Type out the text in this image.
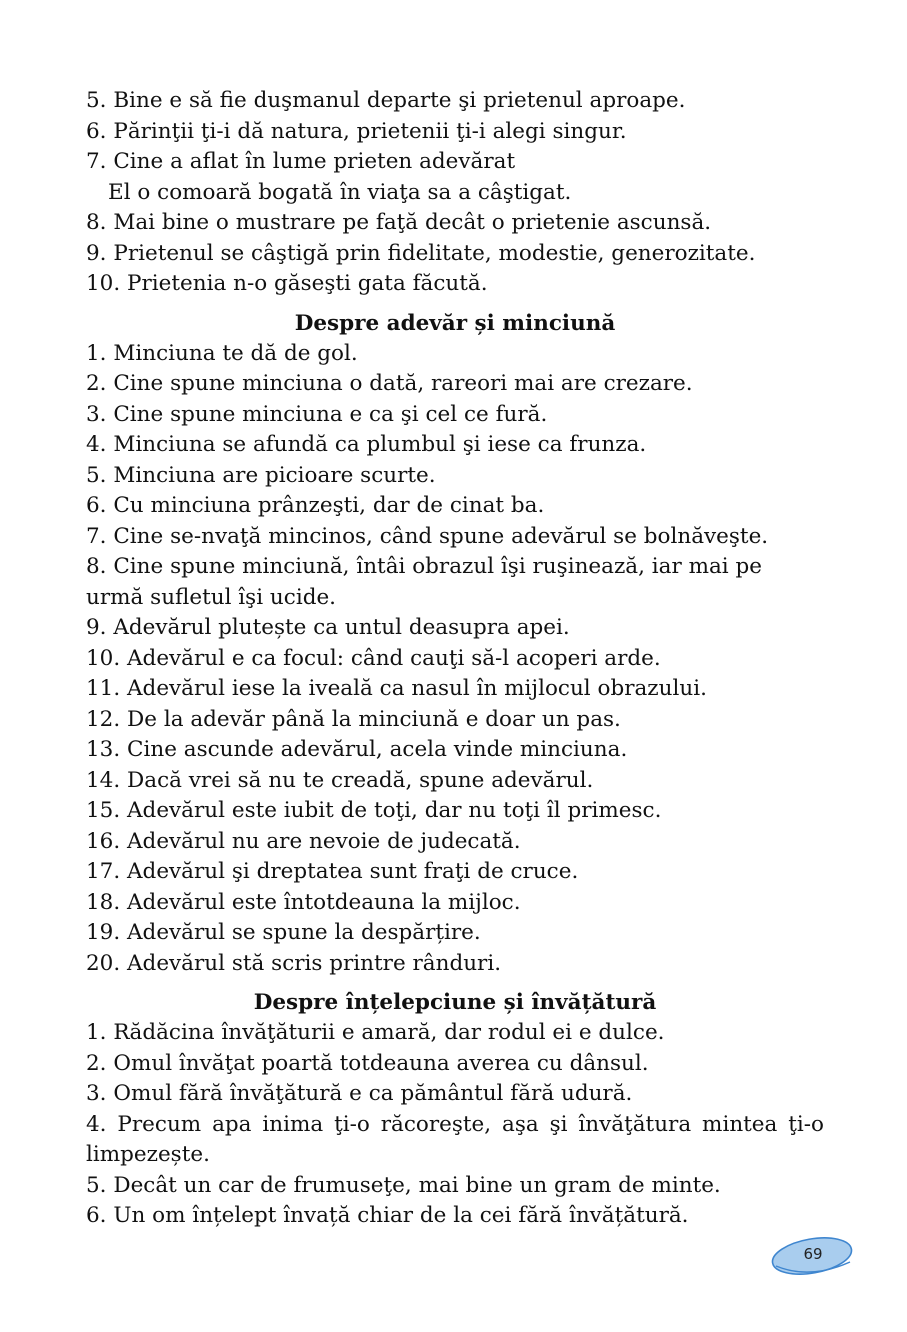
5. Bine e să fie duşmanul departe şi prietenul aproape.

6. Părinţii ţi-i dă natura, prietenii ţi-i alegi singur.

7. Cine a aflat în lume prieten adevărat

El o comoară bogată în viaţa sa a câştigat.

8. Mai bine o mustrare pe faţă decât o prietenie ascunsă.

9. Prietenul se câştigă prin fidelitate, modestie, generozitate.

10. Prietenia n-o găseşti gata făcută.

Despre adevăr și minciună

1. Minciuna te dă de gol.

2. Cine spune minciuna o dată, rareori mai are crezare.

3. Cine spune minciuna e ca şi cel ce fură.

4. Minciuna se afundă ca plumbul şi iese ca frunza.

5. Minciuna are picioare scurte.

6. Cu minciuna prânzeşti, dar de cinat ba.

7. Cine se-nvaţă mincinos, când spune adevărul se bolnăveşte.

8. Cine spune minciună, întâi obrazul îşi ruşinează, iar mai pe urmă sufletul îşi ucide.

9. Adevărul plutește ca untul deasupra apei.

10. Adevărul e ca focul: când cauţi să-l acoperi arde.

11. Adevărul iese la iveală ca nasul în mijlocul obrazului.

12. De la adevăr până la minciună e doar un pas.

13. Cine ascunde adevărul, acela vinde minciuna.

14. Dacă vrei să nu te creadă, spune adevărul.

15. Adevărul este iubit de toţi, dar nu toţi îl primesc.

16. Adevărul nu are nevoie de judecată.

17. Adevărul şi dreptatea sunt fraţi de cruce.

18. Adevărul este întotdeauna la mijloc.

19. Adevărul se spune la despărțire.

20. Adevărul stă scris printre rânduri.

Despre înțelepciune și învățătură

1. Rădăcina învăţăturii e amară, dar rodul ei e dulce.

2. Omul învăţat poartă totdeauna averea cu dânsul.

3. Omul fără învăţătură e ca pământul fără udură.

4. Precum apa inima ţi-o răcoreşte, aşa şi învăţătura mintea ţi-o limpezește.

5. Decât un car de frumuseţe, mai bine un gram de minte.

6. Un om înțelept învață chiar de la cei fără învățătură.

69
